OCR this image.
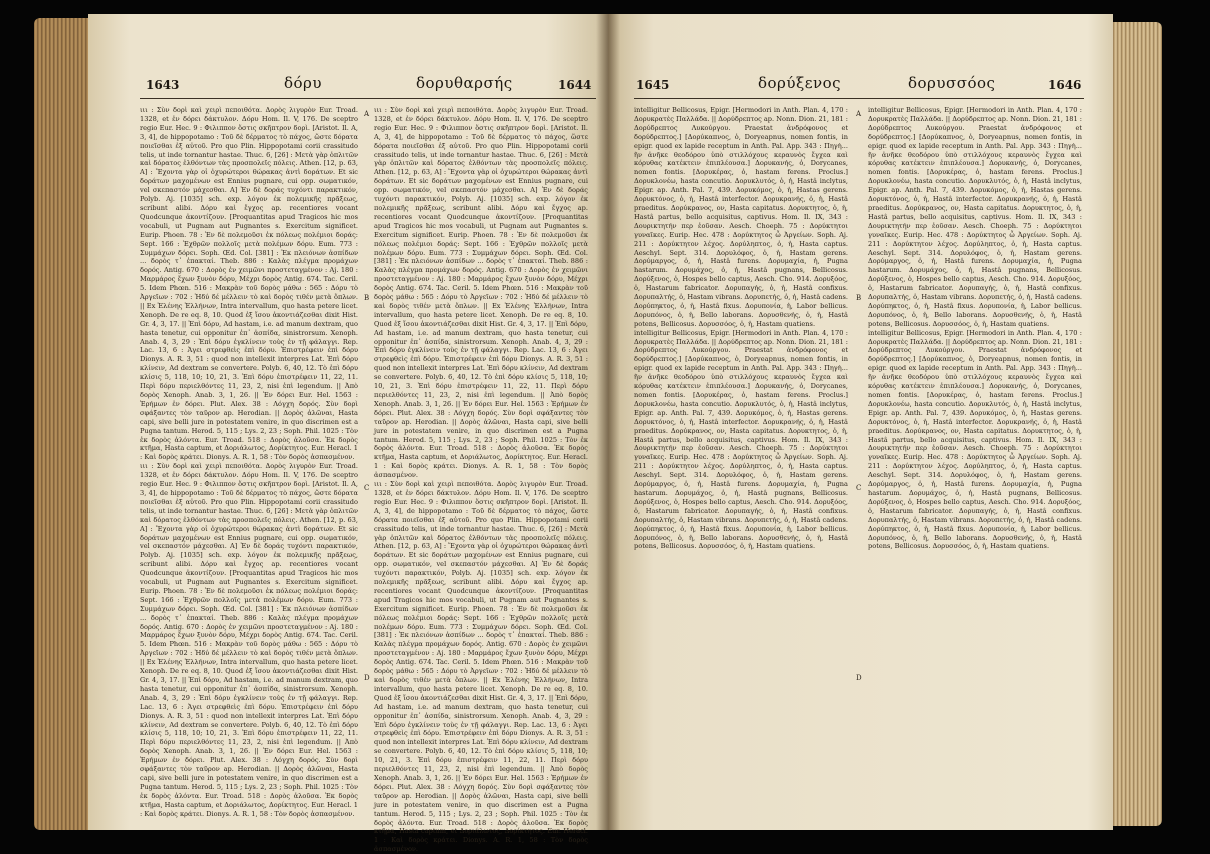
1643	δόρυ	δορυθαρσής	1644

ιιι : Σὺν δορὶ καὶ χειρὶ πεποιθότα. Δορὸς λιγυρὸν Eur. Troad. 1328, et ἐν δόρει δάκτυλον. Δόρυ Hom. Il. V, 176. De sceptro regio Eur. Hec. 9 : Φιλιππον ὅστις σκῆπτρον δορὶ. [Aristot. Il. A, 3, 4], de hippopotamo : Τοῦ δὲ δέρματος τὸ πάχος, ὥστε δόρατα ποιεῖσθαι ἐξ αὐτοῦ. Pro quo Plin. Hippopotami corii crassitudo telis, ut inde tornantur hastae. Thuc. 6, [26] : Μετὰ γὰρ ὁπλιτῶν καὶ δόρατος ἐλθόντων τὰς προσπολεῖς πόλεις. Athen. [12, p. 63, A] : Ἔχοντα γὰρ οἱ ὀχυρώτεροι θώρακας ἀντὶ δοράτων. Et sic δοράτων μαχομένων est Ennius pugnare, cui opp. σωματικόν, vel σκεπαστόν μάχεσθαι. A] Ἐν δὲ δοράς τυχόντι παρακτικόν, Polyb. Aj. [1035] sch. exp. λόγον ἐκ πολεμικῆς πρᾶξεως, scribunt alibi. Δόρυ καὶ ἔγχος ap. recentiores vocant Quodcunque ἀκοντίζουν. [Proquantitas apud Tragicos hic mos vocabuli, ut Pugnam aut Pugnantes s. Exercitum significet. Eurip. Phoen. 78 : Ἐν δὲ πολεμοῦσι ἐκ πόλεως πολέμιοι δοράς: Sept. 166 : Ἐχθρῶν πολλοῖς μετὰ πολέμων δόρυ. Eum. 773 : Συμμάχων δόρει. Soph. Œd. Col. [381] : Ἐκ πλειόνων ἀσπίδων ... δορὸς τ᾽ ἐπακταί. Theb. 886 : Καλὰς πλέγμα προμάχων δορός. Antig. 670 : Δορὸς ἐν χειμῶνι προστεταγμένον : Aj. 180 : Μαρμάρος ἔχων ξυνὸν δόρυ, Μέχρι δορὸς Antig. 674. Tac. Ceril. 5. Idem Phœn. 516 : Μακρὰν τοῦ δορὸς μάθω : 565 : Δόρυ τὸ Ἀργεῖων : 702 : Ἡδύ δέ μέλλειν τὸ καὶ δορὸς τιθέν μετὰ ὅπλων. || Ex Ἑλένης Ἑλλήνων, Intra intervallum, quo hasta petere licet. Xenoph. De re eq. 8, 10. Quod ἐξ ἴσου ἀκοντιάζεσθαι dixit Hist. Gr. 4, 3, 17. || Ἐπὶ δόρυ, Ad hastam, i.e. ad manum dextram, quo hasta tenetur, cui opponitur ἐπ᾽ ἀσπίδα, sinistrorsum. Xenoph. Anab. 4, 3, 29 : Ἐπὶ δόρυ ἐγκλίνειν τοὺς ἐν τῇ φάλαγγι. Rep. Lac. 13, 6 : Ἀγει στρεφθεὶς ἐπὶ δόρυ. Ἐπιστρέφειν ἐπὶ δόρυ Dionys. A. R. 3, 51 : quod non intellexit interpres Lat. Ἐπὶ δόρυ κλίνειν, Ad dextram se convertere. Polyb. 6, 40, 12. Τὸ ἐπὶ δόρυ κλίσις 5, 118, 10; 10, 21, 3. Ἐπὶ δόρυ ἐπιστρέφειν 11, 22, 11. Περὶ δόρυ περιελθόντες 11, 23, 2, nisi ἐπὶ legendum. || Ἀπὸ δορὸς Xenoph. Anab. 3, 1, 26. || Ἐν δόρει Eur. Hel. 1563 : Ἐρήμων ἐν δόρει. Plut. Alex. 38 : Λόγχη δορός. Σὺν δορὶ σφάξαντες τὸν ταῦρον ap. Herodian. || Δορὸς ἁλῶναι, Hasta capi, sive belli jure in potestatem venire, in quo discrimen est a Pugna tantum. Herod. 5, 115 ; Lys. 2, 23 ; Soph. Phil. 1025 : Τὸν ἐκ δορὸς ἁλόντα. Eur. Troad. 518 : Δορὸς ἁλοῦσα. Ἐκ δορὸς κτῆμα, Hasta captum, et Δοριάλωτος, Δορίκτητος. Eur. Heracl. 1 : Καὶ δορὸς κράτει. Dionys. A. R. 1, 58 : Τὸν δορὸς ἀσπασμένον.

ιιι : Σὺν δορὶ καὶ χειρὶ πεποιθότα. Δορὸς λιγυρὸν Eur. Troad. 1328, et ἐν δόρει δάκτυλον. Δόρυ Hom. Il. V, 176. De sceptro regio Eur. Hec. 9 : Φιλιππον ὅστις σκῆπτρον δορὶ. [Aristot. Il. A, 3, 4], de hippopotamo : Τοῦ δὲ δέρματος τὸ πάχος, ὥστε δόρατα ποιεῖσθαι ἐξ αὐτοῦ. Pro quo Plin. Hippopotami corii crassitudo telis, ut inde tornantur hastae. Thuc. 6, [26] : Μετὰ γὰρ ὁπλιτῶν καὶ δόρατος ἐλθόντων τὰς προσπολεῖς πόλεις. Athen. [12, p. 63, A] : Ἔχοντα γὰρ οἱ ὀχυρώτεροι θώρακας ἀντὶ δοράτων. Et sic δοράτων μαχομένων est Ennius pugnare, cui opp. σωματικόν, vel σκεπαστόν μάχεσθαι. A] Ἐν δὲ δοράς τυχόντι παρακτικόν, Polyb. Aj. [1035] sch. exp. λόγον ἐκ πολεμικῆς πρᾶξεως, scribunt alibi. Δόρυ καὶ ἔγχος ap. recentiores vocant Quodcunque ἀκοντίζουν. [Proquantitas apud Tragicos hic mos vocabuli, ut Pugnam aut Pugnantes s. Exercitum significet. Eurip. Phoen. 78 : Ἐν δὲ πολεμοῦσι ἐκ πόλεως πολέμιοι δοράς: Sept. 166 : Ἐχθρῶν πολλοῖς μετὰ πολέμων δόρυ. Eum. 773 : Συμμάχων δόρει. Soph. Œd. Col. [381] : Ἐκ πλειόνων ἀσπίδων ... δορὸς τ᾽ ἐπακταί. Theb. 886 : Καλὰς πλέγμα προμάχων δορός. Antig. 670 : Δορὸς ἐν χειμῶνι προστεταγμένον : Aj. 180 : Μαρμάρος ἔχων ξυνὸν δόρυ, Μέχρι δορὸς Antig. 674. Tac. Ceril. 5. Idem Phœn. 516 : Μακρὰν τοῦ δορὸς μάθω : 565 : Δόρυ τὸ Ἀργεῖων : 702 : Ἡδύ δέ μέλλειν τὸ καὶ δορὸς τιθέν μετὰ ὅπλων. || Ex Ἑλένης Ἑλλήνων, Intra intervallum, quo hasta petere licet. Xenoph. De re eq. 8, 10. Quod ἐξ ἴσου ἀκοντιάζεσθαι dixit Hist. Gr. 4, 3, 17. || Ἐπὶ δόρυ, Ad hastam, i.e. ad manum dextram, quo hasta tenetur, cui opponitur ἐπ᾽ ἀσπίδα, sinistrorsum. Xenoph. Anab. 4, 3, 29 : Ἐπὶ δόρυ ἐγκλίνειν τοὺς ἐν τῇ φάλαγγι. Rep. Lac. 13, 6 : Ἀγει στρεφθεὶς ἐπὶ δόρυ. Ἐπιστρέφειν ἐπὶ δόρυ Dionys. A. R. 3, 51 : quod non intellexit interpres Lat. Ἐπὶ δόρυ κλίνειν, Ad dextram se convertere. Polyb. 6, 40, 12. Τὸ ἐπὶ δόρυ κλίσις 5, 118, 10; 10, 21, 3. Ἐπὶ δόρυ ἐπιστρέφειν 11, 22, 11. Περὶ δόρυ περιελθόντες 11, 23, 2, nisi ἐπὶ legendum. || Ἀπὸ δορὸς Xenoph. Anab. 3, 1, 26. || Ἐν δόρει Eur. Hel. 1563 : Ἐρήμων ἐν δόρει. Plut. Alex. 38 : Λόγχη δορός. Σὺν δορὶ σφάξαντες τὸν ταῦρον ap. Herodian. || Δορὸς ἁλῶναι, Hasta capi, sive belli jure in potestatem venire, in quo discrimen est a Pugna tantum. Herod. 5, 115 ; Lys. 2, 23 ; Soph. Phil. 1025 : Τὸν ἐκ δορὸς ἁλόντα. Eur. Troad. 518 : Δορὸς ἁλοῦσα. Ἐκ δορὸς κτῆμα, Hasta captum, et Δοριάλωτος, Δορίκτητος. Eur. Heracl. 1 : Καὶ δορὸς κράτει. Dionys. A. R. 1, 58 : Τὸν δορὸς ἀσπασμένον.

A
B
C
D

ιιι : Σὺν δορὶ καὶ χειρὶ πεποιθότα. Δορὸς λιγυρὸν Eur. Troad. 1328, et ἐν δόρει δάκτυλον. Δόρυ Hom. Il. V, 176. De sceptro regio Eur. Hec. 9 : Φιλιππον ὅστις σκῆπτρον δορὶ. [Aristot. Il. A, 3, 4], de hippopotamo : Τοῦ δὲ δέρματος τὸ πάχος, ὥστε δόρατα ποιεῖσθαι ἐξ αὐτοῦ. Pro quo Plin. Hippopotami corii crassitudo telis, ut inde tornantur hastae. Thuc. 6, [26] : Μετὰ γὰρ ὁπλιτῶν καὶ δόρατος ἐλθόντων τὰς προσπολεῖς πόλεις. Athen. [12, p. 63, A] : Ἔχοντα γὰρ οἱ ὀχυρώτεροι θώρακας ἀντὶ δοράτων. Et sic δοράτων μαχομένων est Ennius pugnare, cui opp. σωματικόν, vel σκεπαστόν μάχεσθαι. A] Ἐν δὲ δοράς τυχόντι παρακτικόν, Polyb. Aj. [1035] sch. exp. λόγον ἐκ πολεμικῆς πρᾶξεως, scribunt alibi. Δόρυ καὶ ἔγχος ap. recentiores vocant Quodcunque ἀκοντίζουν. [Proquantitas apud Tragicos hic mos vocabuli, ut Pugnam aut Pugnantes s. Exercitum significet. Eurip. Phoen. 78 : Ἐν δὲ πολεμοῦσι ἐκ πόλεως πολέμιοι δοράς: Sept. 166 : Ἐχθρῶν πολλοῖς μετὰ πολέμων δόρυ. Eum. 773 : Συμμάχων δόρει. Soph. Œd. Col. [381] : Ἐκ πλειόνων ἀσπίδων ... δορὸς τ᾽ ἐπακταί. Theb. 886 : Καλὰς πλέγμα προμάχων δορός. Antig. 670 : Δορὸς ἐν χειμῶνι προστεταγμένον : Aj. 180 : Μαρμάρος ἔχων ξυνὸν δόρυ, Μέχρι δορὸς Antig. 674. Tac. Ceril. 5. Idem Phœn. 516 : Μακρὰν τοῦ δορὸς μάθω : 565 : Δόρυ τὸ Ἀργεῖων : 702 : Ἡδύ δέ μέλλειν τὸ καὶ δορὸς τιθέν μετὰ ὅπλων. || Ex Ἑλένης Ἑλλήνων, Intra intervallum, quo hasta petere licet. Xenoph. De re eq. 8, 10. Quod ἐξ ἴσου ἀκοντιάζεσθαι dixit Hist. Gr. 4, 3, 17. || Ἐπὶ δόρυ, Ad hastam, i.e. ad manum dextram, quo hasta tenetur, cui opponitur ἐπ᾽ ἀσπίδα, sinistrorsum. Xenoph. Anab. 4, 3, 29 : Ἐπὶ δόρυ ἐγκλίνειν τοὺς ἐν τῇ φάλαγγι. Rep. Lac. 13, 6 : Ἀγει στρεφθεὶς ἐπὶ δόρυ. Ἐπιστρέφειν ἐπὶ δόρυ Dionys. A. R. 3, 51 : quod non intellexit interpres Lat. Ἐπὶ δόρυ κλίνειν, Ad dextram se convertere. Polyb. 6, 40, 12. Τὸ ἐπὶ δόρυ κλίσις 5, 118, 10; 10, 21, 3. Ἐπὶ δόρυ ἐπιστρέφειν 11, 22, 11. Περὶ δόρυ περιελθόντες 11, 23, 2, nisi ἐπὶ legendum. || Ἀπὸ δορὸς Xenoph. Anab. 3, 1, 26. || Ἐν δόρει Eur. Hel. 1563 : Ἐρήμων ἐν δόρει. Plut. Alex. 38 : Λόγχη δορός. Σὺν δορὶ σφάξαντες τὸν ταῦρον ap. Herodian. || Δορὸς ἁλῶναι, Hasta capi, sive belli jure in potestatem venire, in quo discrimen est a Pugna tantum. Herod. 5, 115 ; Lys. 2, 23 ; Soph. Phil. 1025 : Τὸν ἐκ δορὸς ἁλόντα. Eur. Troad. 518 : Δορὸς ἁλοῦσα. Ἐκ δορὸς κτῆμα, Hasta captum, et Δοριάλωτος, Δορίκτητος. Eur. Heracl. 1 : Καὶ δορὸς κράτει. Dionys. A. R. 1, 58 : Τὸν δορὸς ἀσπασμένον.

ιιι : Σὺν δορὶ καὶ χειρὶ πεποιθότα. Δορὸς λιγυρὸν Eur. Troad. 1328, et ἐν δόρει δάκτυλον. Δόρυ Hom. Il. V, 176. De sceptro regio Eur. Hec. 9 : Φιλιππον ὅστις σκῆπτρον δορὶ. [Aristot. Il. A, 3, 4], de hippopotamo : Τοῦ δὲ δέρματος τὸ πάχος, ὥστε δόρατα ποιεῖσθαι ἐξ αὐτοῦ. Pro quo Plin. Hippopotami corii crassitudo telis, ut inde tornantur hastae. Thuc. 6, [26] : Μετὰ γὰρ ὁπλιτῶν καὶ δόρατος ἐλθόντων τὰς προσπολεῖς πόλεις. Athen. [12, p. 63, A] : Ἔχοντα γὰρ οἱ ὀχυρώτεροι θώρακας ἀντὶ δοράτων. Et sic δοράτων μαχομένων est Ennius pugnare, cui opp. σωματικόν, vel σκεπαστόν μάχεσθαι. A] Ἐν δὲ δοράς τυχόντι παρακτικόν, Polyb. Aj. [1035] sch. exp. λόγον ἐκ πολεμικῆς πρᾶξεως, scribunt alibi. Δόρυ καὶ ἔγχος ap. recentiores vocant Quodcunque ἀκοντίζουν. [Proquantitas apud Tragicos hic mos vocabuli, ut Pugnam aut Pugnantes s. Exercitum significet. Eurip. Phoen. 78 : Ἐν δὲ πολεμοῦσι ἐκ πόλεως πολέμιοι δοράς: Sept. 166 : Ἐχθρῶν πολλοῖς μετὰ πολέμων δόρυ. Eum. 773 : Συμμάχων δόρει. Soph. Œd. Col. [381] : Ἐκ πλειόνων ἀσπίδων ... δορὸς τ᾽ ἐπακταί. Theb. 886 : Καλὰς πλέγμα προμάχων δορός. Antig. 670 : Δορὸς ἐν χειμῶνι προστεταγμένον : Aj. 180 : Μαρμάρος ἔχων ξυνὸν δόρυ, Μέχρι δορὸς Antig. 674. Tac. Ceril. 5. Idem Phœn. 516 : Μακρὰν τοῦ δορὸς μάθω : 565 : Δόρυ τὸ Ἀργεῖων : 702 : Ἡδύ δέ μέλλειν τὸ καὶ δορὸς τιθέν μετὰ ὅπλων. || Ex Ἑλένης Ἑλλήνων, Intra intervallum, quo hasta petere licet. Xenoph. De re eq. 8, 10. Quod ἐξ ἴσου ἀκοντιάζεσθαι dixit Hist. Gr. 4, 3, 17. || Ἐπὶ δόρυ, Ad hastam, i.e. ad manum dextram, quo hasta tenetur, cui opponitur ἐπ᾽ ἀσπίδα, sinistrorsum. Xenoph. Anab. 4, 3, 29 : Ἐπὶ δόρυ ἐγκλίνειν τοὺς ἐν τῇ φάλαγγι. Rep. Lac. 13, 6 : Ἀγει στρεφθεὶς ἐπὶ δόρυ. Ἐπιστρέφειν ἐπὶ δόρυ Dionys. A. R. 3, 51 : quod non intellexit interpres Lat. Ἐπὶ δόρυ κλίνειν, Ad dextram se convertere. Polyb. 6, 40, 12. Τὸ ἐπὶ δόρυ κλίσις 5, 118, 10; 10, 21, 3. Ἐπὶ δόρυ ἐπιστρέφειν 11, 22, 11. Περὶ δόρυ περιελθόντες 11, 23, 2, nisi ἐπὶ legendum. || Ἀπὸ δορὸς Xenoph. Anab. 3, 1, 26. || Ἐν δόρει Eur. Hel. 1563 : Ἐρήμων ἐν δόρει. Plut. Alex. 38 : Λόγχη δορός. Σὺν δορὶ σφάξαντες τὸν ταῦρον ap. Herodian. || Δορὸς ἁλῶναι, Hasta capi, sive belli jure in potestatem venire, in quo discrimen est a Pugna tantum. Herod. 5, 115 ; Lys. 2, 23 ; Soph. Phil. 1025 : Τὸν ἐκ δορὸς ἁλόντα. Eur. Troad. 518 : Δορὸς ἁλοῦσα. Ἐκ δορὸς κτῆμα, Hasta captum, et Δοριάλωτος, Δορίκτητος. Eur. Heracl. 1 : Καὶ δορὸς κράτει. Dionys. A. R. 1, 58 : Τὸν δορὸς ἀσπασμένον.

1645	δορύξενος	δορυσσόος	1646

intelligitur Bellicosus, Epigr. [Hermodori in Anth. Plan. 4, 170 : Δορυκρατὲς Παλλάδα. || Δορύδρεπτος ap. Nonn. Dion. 21, 181 : Δορύδρεπτος Λυκούργου. Praestat ἀνδρόφονος et δορύδρεπτος.] [Δορύκαπνος, ὁ, Doryeapnus, nomen fontis, in epigr. quod ex lapide receptum in Anth. Pal. App. 343 : Πηγὴ... ἣν ἀνῆκε θεοδόρου ὑπὸ στιλλόχους κεραυνὸς ἔγχεα καὶ κόρυθας κατέκτειν ἐπιπλέουσα.] Δορυκανής, ὁ, Dorycanes, nomen fontis. [Δορυκέρας, ὁ, hastam ferens. Proclus.] Δορυκλονέω, hasta concutio. Δορυκλυτός, ὁ, ἡ, Hastâ inclytus, Epigr. ap. Anth. Pal. 7, 439. Δορυκόμος, ὁ, ἡ, Hastas gerens. Δορυκτόνος, ὁ, ἡ, Hastâ interfector. Δορυκρανής, ὁ, ἡ, Hastâ praeditus. Δορύκρανος, ον, Hasta capitatus. Δορυκτητος, ὁ, ἡ, Hastâ partus, bello acquisitus, captivus. Hom. Il. IX, 343 : Δουρικτητήν περ ἐοῦσαν. Aesch. Choeph. 75 : Δορύκτητοι γυναῖκες. Eurip. Hec. 478 : Δορύκτητος ὦ Ἀργείων. Soph. Aj. 211 : Δορύκτητον λέχος. Δορύληπτος, ὁ, ἡ, Hasta captus. Aeschyl. Sept. 314. Δορυλόφος, ὁ, ἡ, Hastam gerens. Δορύμαργος, ὁ, ἡ, Hastâ furens. Δορυμαχία, ἡ, Pugna hastarum. Δορυμάχος, ὁ, ἡ, Hastâ pugnans, Bellicosus. Δορύξενος, ὁ, Hospes bello captus, Aesch. Cho. 914. Δορυξόος, ὁ, Hastarum fabricator. Δορυπαγής, ὁ, ἡ, Hastâ confixus. Δορυπαλτής, ὁ, Hastam vibrans. Δορυπετής, ὁ, ἡ, Hastâ cadens. Δορύπηκτος, ὁ, ἡ, Hastâ fixus. Δορυπονία, ἡ, Labor bellicus. Δορυπόνος, ὁ, ἡ, Bello laborans. Δορυσθενής, ὁ, ἡ, Hastâ potens, Bellicosus. Δορυσσόος, ὁ, ἡ, Hastam quatiens.

intelligitur Bellicosus, Epigr. [Hermodori in Anth. Plan. 4, 170 : Δορυκρατὲς Παλλάδα. || Δορύδρεπτος ap. Nonn. Dion. 21, 181 : Δορύδρεπτος Λυκούργου. Praestat ἀνδρόφονος et δορύδρεπτος.] [Δορύκαπνος, ὁ, Doryeapnus, nomen fontis, in epigr. quod ex lapide receptum in Anth. Pal. App. 343 : Πηγὴ... ἣν ἀνῆκε θεοδόρου ὑπὸ στιλλόχους κεραυνὸς ἔγχεα καὶ κόρυθας κατέκτειν ἐπιπλέουσα.] Δορυκανής, ὁ, Dorycanes, nomen fontis. [Δορυκέρας, ὁ, hastam ferens. Proclus.] Δορυκλονέω, hasta concutio. Δορυκλυτός, ὁ, ἡ, Hastâ inclytus, Epigr. ap. Anth. Pal. 7, 439. Δορυκόμος, ὁ, ἡ, Hastas gerens. Δορυκτόνος, ὁ, ἡ, Hastâ interfector. Δορυκρανής, ὁ, ἡ, Hastâ praeditus. Δορύκρανος, ον, Hasta capitatus. Δορυκτητος, ὁ, ἡ, Hastâ partus, bello acquisitus, captivus. Hom. Il. IX, 343 : Δουρικτητήν περ ἐοῦσαν. Aesch. Choeph. 75 : Δορύκτητοι γυναῖκες. Eurip. Hec. 478 : Δορύκτητος ὦ Ἀργείων. Soph. Aj. 211 : Δορύκτητον λέχος. Δορύληπτος, ὁ, ἡ, Hasta captus. Aeschyl. Sept. 314. Δορυλόφος, ὁ, ἡ, Hastam gerens. Δορύμαργος, ὁ, ἡ, Hastâ furens. Δορυμαχία, ἡ, Pugna hastarum. Δορυμάχος, ὁ, ἡ, Hastâ pugnans, Bellicosus. Δορύξενος, ὁ, Hospes bello captus, Aesch. Cho. 914. Δορυξόος, ὁ, Hastarum fabricator. Δορυπαγής, ὁ, ἡ, Hastâ confixus. Δορυπαλτής, ὁ, Hastam vibrans. Δορυπετής, ὁ, ἡ, Hastâ cadens. Δορύπηκτος, ὁ, ἡ, Hastâ fixus. Δορυπονία, ἡ, Labor bellicus. Δορυπόνος, ὁ, ἡ, Bello laborans. Δορυσθενής, ὁ, ἡ, Hastâ potens, Bellicosus. Δορυσσόος, ὁ, ἡ, Hastam quatiens.

A
B
C
D

intelligitur Bellicosus, Epigr. [Hermodori in Anth. Plan. 4, 170 : Δορυκρατὲς Παλλάδα. || Δορύδρεπτος ap. Nonn. Dion. 21, 181 : Δορύδρεπτος Λυκούργου. Praestat ἀνδρόφονος et δορύδρεπτος.] [Δορύκαπνος, ὁ, Doryeapnus, nomen fontis, in epigr. quod ex lapide receptum in Anth. Pal. App. 343 : Πηγὴ... ἣν ἀνῆκε θεοδόρου ὑπὸ στιλλόχους κεραυνὸς ἔγχεα καὶ κόρυθας κατέκτειν ἐπιπλέουσα.] Δορυκανής, ὁ, Dorycanes, nomen fontis. [Δορυκέρας, ὁ, hastam ferens. Proclus.] Δορυκλονέω, hasta concutio. Δορυκλυτός, ὁ, ἡ, Hastâ inclytus, Epigr. ap. Anth. Pal. 7, 439. Δορυκόμος, ὁ, ἡ, Hastas gerens. Δορυκτόνος, ὁ, ἡ, Hastâ interfector. Δορυκρανής, ὁ, ἡ, Hastâ praeditus. Δορύκρανος, ον, Hasta capitatus. Δορυκτητος, ὁ, ἡ, Hastâ partus, bello acquisitus, captivus. Hom. Il. IX, 343 : Δουρικτητήν περ ἐοῦσαν. Aesch. Choeph. 75 : Δορύκτητοι γυναῖκες. Eurip. Hec. 478 : Δορύκτητος ὦ Ἀργείων. Soph. Aj. 211 : Δορύκτητον λέχος. Δορύληπτος, ὁ, ἡ, Hasta captus. Aeschyl. Sept. 314. Δορυλόφος, ὁ, ἡ, Hastam gerens. Δορύμαργος, ὁ, ἡ, Hastâ furens. Δορυμαχία, ἡ, Pugna hastarum. Δορυμάχος, ὁ, ἡ, Hastâ pugnans, Bellicosus. Δορύξενος, ὁ, Hospes bello captus, Aesch. Cho. 914. Δορυξόος, ὁ, Hastarum fabricator. Δορυπαγής, ὁ, ἡ, Hastâ confixus. Δορυπαλτής, ὁ, Hastam vibrans. Δορυπετής, ὁ, ἡ, Hastâ cadens. Δορύπηκτος, ὁ, ἡ, Hastâ fixus. Δορυπονία, ἡ, Labor bellicus. Δορυπόνος, ὁ, ἡ, Bello laborans. Δορυσθενής, ὁ, ἡ, Hastâ potens, Bellicosus. Δορυσσόος, ὁ, ἡ, Hastam quatiens.

intelligitur Bellicosus, Epigr. [Hermodori in Anth. Plan. 4, 170 : Δορυκρατὲς Παλλάδα. || Δορύδρεπτος ap. Nonn. Dion. 21, 181 : Δορύδρεπτος Λυκούργου. Praestat ἀνδρόφονος et δορύδρεπτος.] [Δορύκαπνος, ὁ, Doryeapnus, nomen fontis, in epigr. quod ex lapide receptum in Anth. Pal. App. 343 : Πηγὴ... ἣν ἀνῆκε θεοδόρου ὑπὸ στιλλόχους κεραυνὸς ἔγχεα καὶ κόρυθας κατέκτειν ἐπιπλέουσα.] Δορυκανής, ὁ, Dorycanes, nomen fontis. [Δορυκέρας, ὁ, hastam ferens. Proclus.] Δορυκλονέω, hasta concutio. Δορυκλυτός, ὁ, ἡ, Hastâ inclytus, Epigr. ap. Anth. Pal. 7, 439. Δορυκόμος, ὁ, ἡ, Hastas gerens. Δορυκτόνος, ὁ, ἡ, Hastâ interfector. Δορυκρανής, ὁ, ἡ, Hastâ praeditus. Δορύκρανος, ον, Hasta capitatus. Δορυκτητος, ὁ, ἡ, Hastâ partus, bello acquisitus, captivus. Hom. Il. IX, 343 : Δουρικτητήν περ ἐοῦσαν. Aesch. Choeph. 75 : Δορύκτητοι γυναῖκες. Eurip. Hec. 478 : Δορύκτητος ὦ Ἀργείων. Soph. Aj. 211 : Δορύκτητον λέχος. Δορύληπτος, ὁ, ἡ, Hasta captus. Aeschyl. Sept. 314. Δορυλόφος, ὁ, ἡ, Hastam gerens. Δορύμαργος, ὁ, ἡ, Hastâ furens. Δορυμαχία, ἡ, Pugna hastarum. Δορυμάχος, ὁ, ἡ, Hastâ pugnans, Bellicosus. Δορύξενος, ὁ, Hospes bello captus, Aesch. Cho. 914. Δορυξόος, ὁ, Hastarum fabricator. Δορυπαγής, ὁ, ἡ, Hastâ confixus. Δορυπαλτής, ὁ, Hastam vibrans. Δορυπετής, ὁ, ἡ, Hastâ cadens. Δορύπηκτος, ὁ, ἡ, Hastâ fixus. Δορυπονία, ἡ, Labor bellicus. Δορυπόνος, ὁ, ἡ, Bello laborans. Δορυσθενής, ὁ, ἡ, Hastâ potens, Bellicosus. Δορυσσόος, ὁ, ἡ, Hastam quatiens.
